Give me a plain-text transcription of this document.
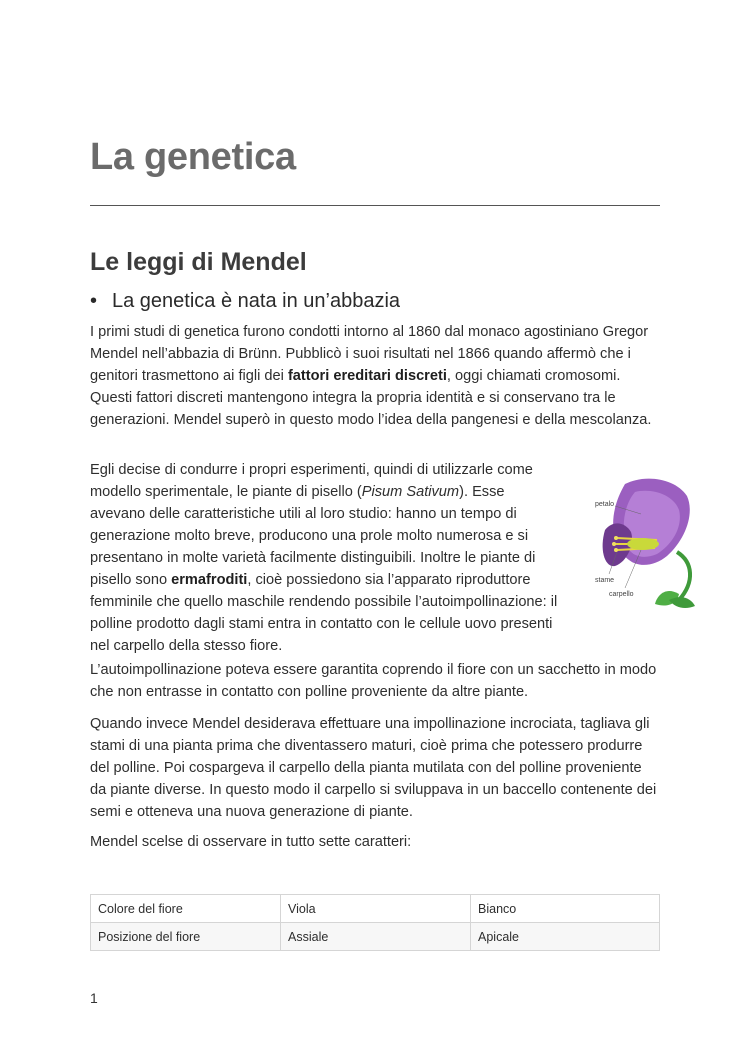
La genetica
Le leggi di Mendel
• La genetica è nata in un’abbazia

I primi studi di genetica furono condotti intorno al 1860 dal monaco agostiniano Gregor Mendel nell’abbazia di Brünn. Pubblicò i suoi risultati nel 1866 quando affermò che i genitori trasmettono ai figli dei fattori ereditari discreti, oggi chiamati cromosomi. Questi fattori discreti mantengono integra la propria identità e si conservano tra le generazioni. Mendel superò in questo modo l’idea della pangenesi e della mescolanza.

Egli decise di condurre i propri esperimenti, quindi di utilizzarle come modello sperimentale, le piante di pisello (Pisum Sativum). Esse avevano delle caratteristiche utili al loro studio: hanno un tempo di generazione molto breve, producono una prole molto numerosa e si presentano in molte varietà facilmente distinguibili. Inoltre le piante di pisello sono ermafroditi, cioè possiedono sia l’apparato riproduttore femminile che quello maschile rendendo possibile l’autoimpollinazione: il polline prodotto dagli stami entra in contatto con le cellule uovo presenti nel carpello della stesso fiore.

petalo
stame
carpello

L’autoimpollinazione poteva essere garantita coprendo il fiore con un sacchetto in modo che non entrasse in contatto con polline proveniente da altre piante.

Quando invece Mendel desiderava effettuare una impollinazione incrociata, tagliava gli stami di una pianta prima che diventassero maturi, cioè prima che potessero produrre del polline. Poi cospargeva il carpello della pianta mutilata con del polline proveniente da piante diverse. In questo modo il carpello si sviluppava in un baccello contenente dei semi e otteneva una nuova generazione di piante.

Mendel scelse di osservare in tutto sette caratteri:

Colore del fiore	Viola	Bianco
Posizione del fiore	Assiale	Apicale
1
